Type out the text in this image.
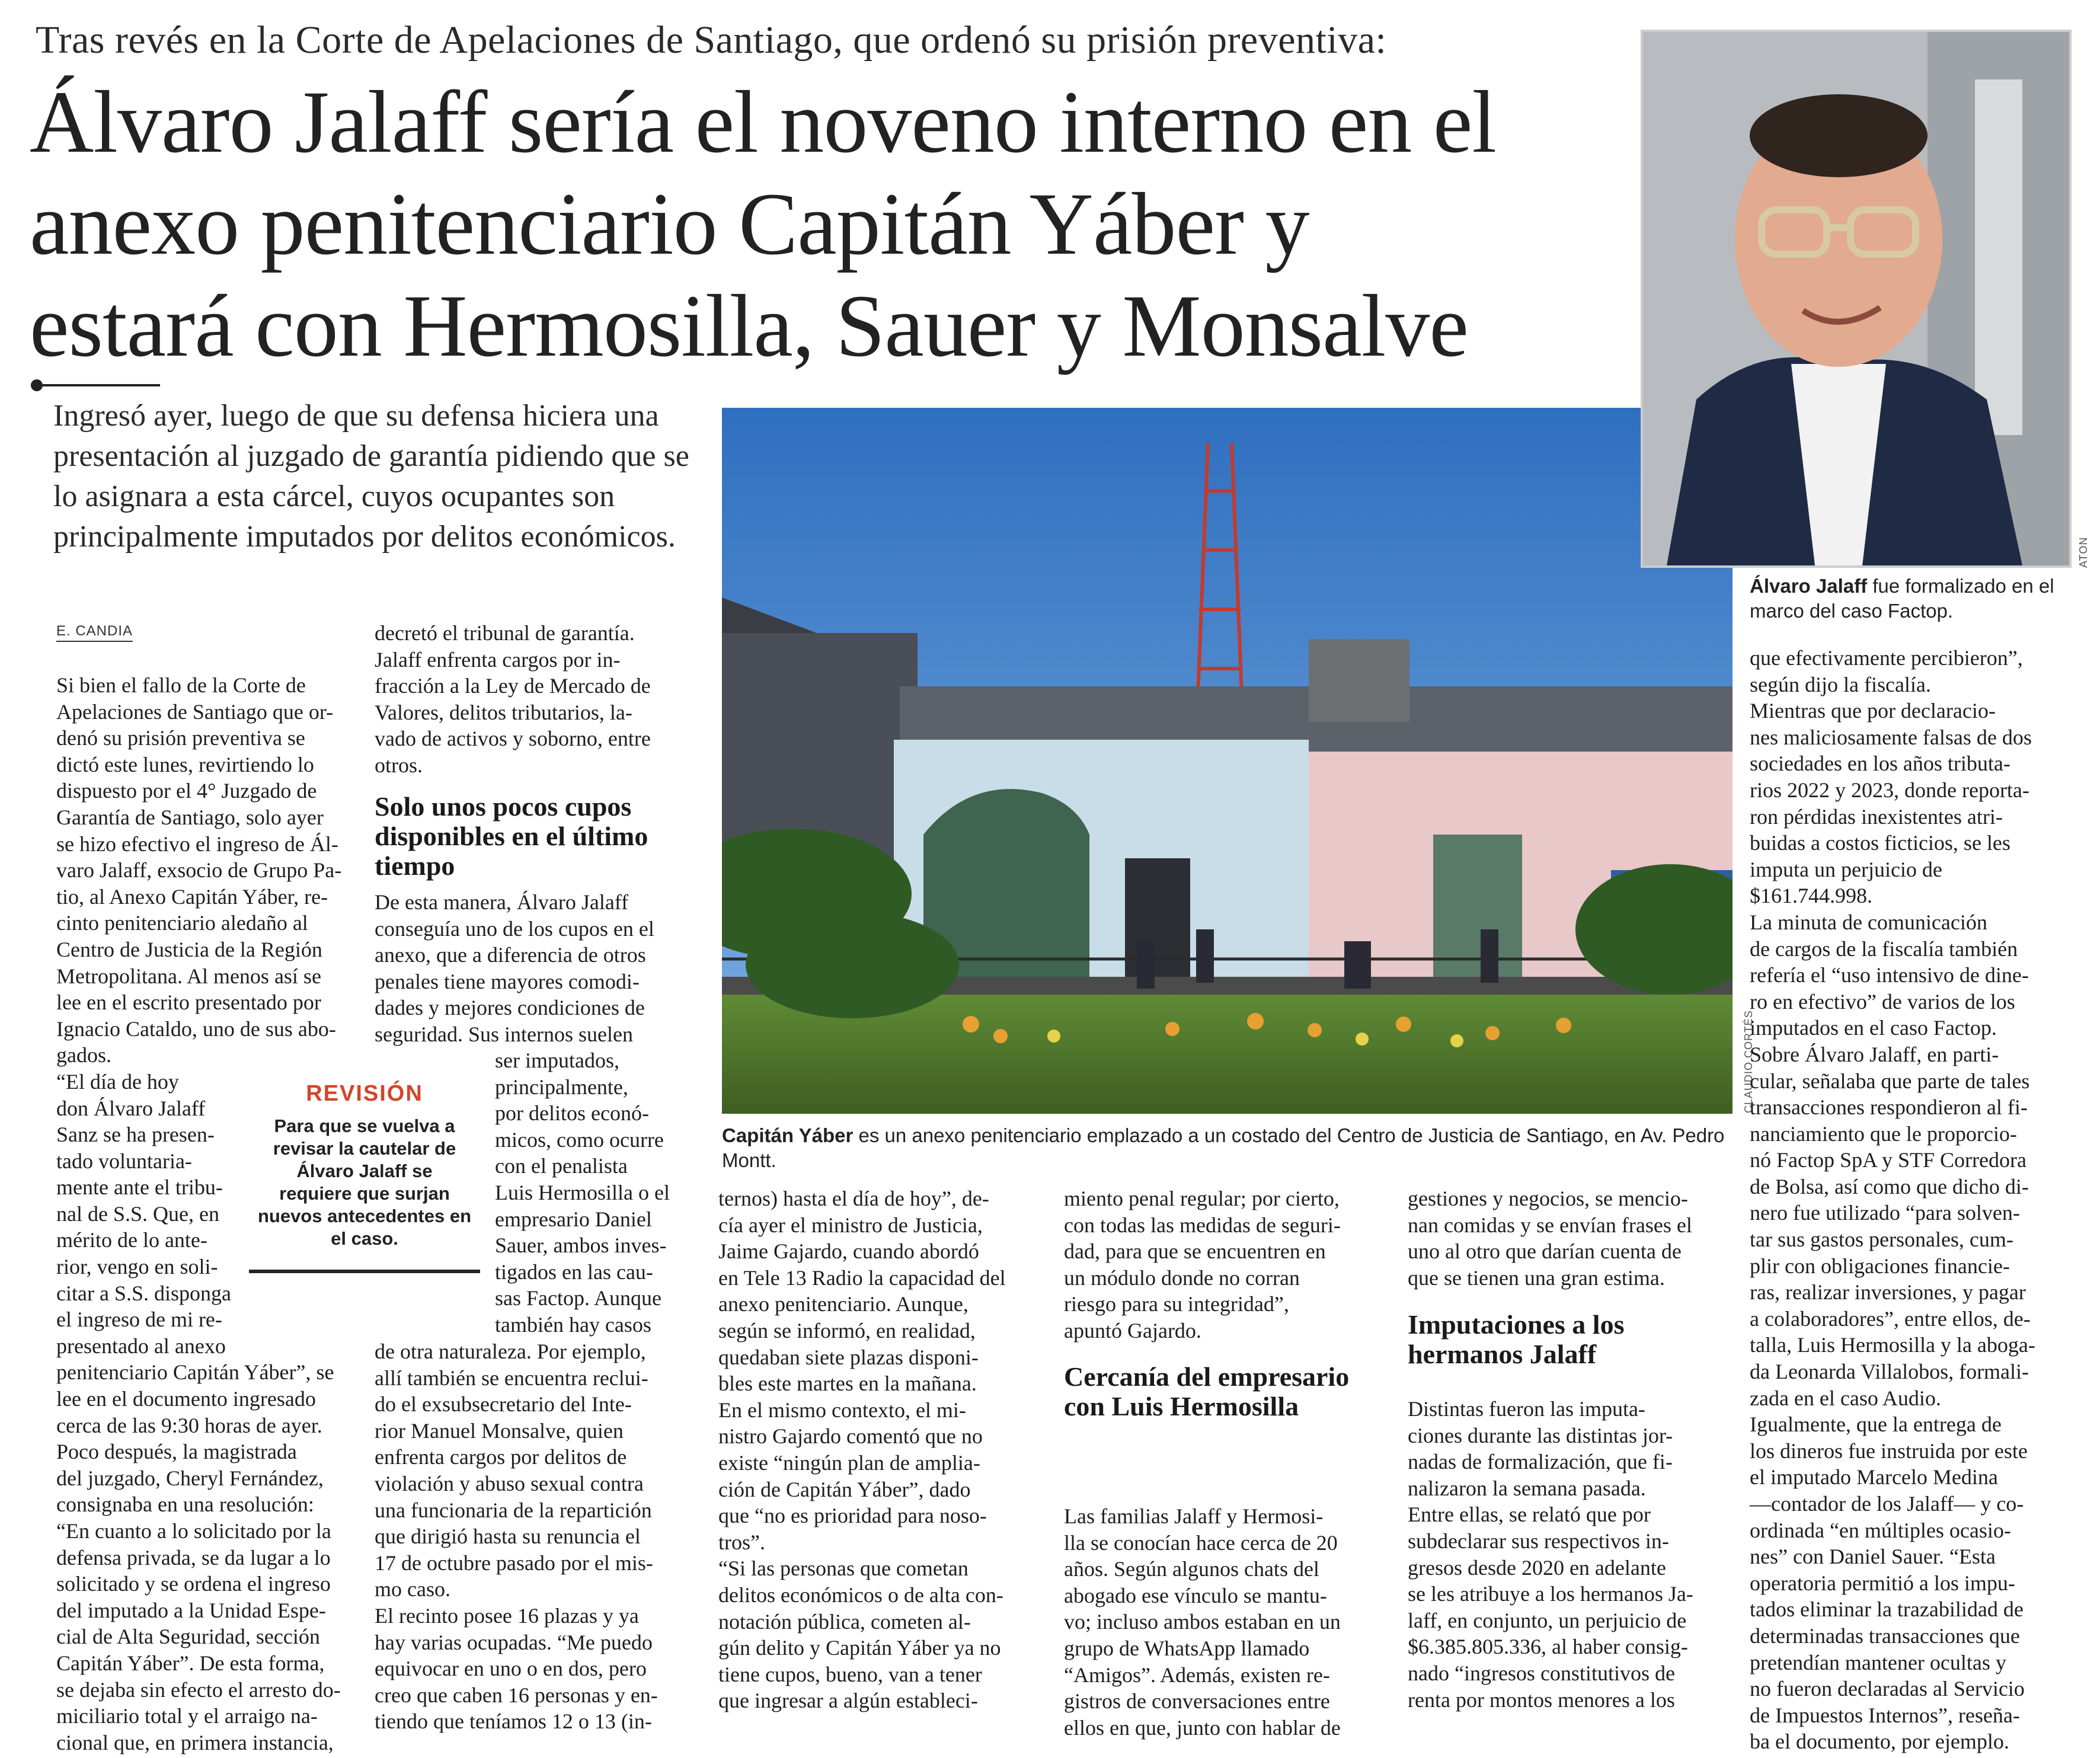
Tras revés en la Corte de Apelaciones de Santiago, que ordenó su prisión preventiva:
Álvaro Jalaff sería el noveno interno en el
anexo penitenciario Capitán Yáber y
estará con Hermosilla, Sauer y Monsalve
Ingresó ayer, luego de que su defensa hiciera una presentación al juzgado de garantía pidiendo que se lo asignara a esta cárcel, cuyos ocupantes son principalmente imputados por delitos económicos.
E. CANDIA
Si bien el fallo de la Corte de
Apelaciones de Santiago que or-
denó su prisión preventiva se
dictó este lunes, revirtiendo lo
dispuesto por el 4° Juzgado de
Garantía de Santiago, solo ayer
se hizo efectivo el ingreso de Ál-
varo Jalaff, exsocio de Grupo Pa-
tio, al Anexo Capitán Yáber, re-
cinto penitenciario aledaño al
Centro de Justicia de la Región
Metropolitana. Al menos así se
lee en el escrito presentado por
Ignacio Cataldo, uno de sus abo-
gados.
“El día de hoy
don Álvaro Jalaff
Sanz se ha presen-
tado voluntaria-
mente ante el tribu-
nal de S.S. Que, en
mérito de lo ante-
rior, vengo en soli-
citar a S.S. disponga
el ingreso de mi re-
presentado al anexo
penitenciario Capitán Yáber”, se
lee en el documento ingresado
cerca de las 9:30 horas de ayer.
Poco después, la magistrada
del juzgado, Cheryl Fernández,
consignaba en una resolución:
“En cuanto a lo solicitado por la
defensa privada, se da lugar a lo
solicitado y se ordena el ingreso
del imputado a la Unidad Espe-
cial de Alta Seguridad, sección
Capitán Yáber”. De esta forma,
se dejaba sin efecto el arresto do-
miciliario total y el arraigo na-
cional que, en primera instancia,
REVISIÓN
Para que se vuelva a
revisar la cautelar de
Álvaro Jalaff se
requiere que surjan
nuevos antecedentes en
el caso.
decretó el tribunal de garantía.
Jalaff enfrenta cargos por in-
fracción a la Ley de Mercado de
Valores, delitos tributarios, la-
vado de activos y soborno, entre
otros.
Solo unos pocos cupos disponibles en el último tiempo
De esta manera, Álvaro Jalaff
conseguía uno de los cupos en el
anexo, que a diferencia de otros
penales tiene mayores comodi-
dades y mejores condiciones de
seguridad. Sus internos suelen
ser imputados,
principalmente,
por delitos econó-
micos, como ocurre
con el penalista
Luis Hermosilla o el
empresario Daniel
Sauer, ambos inves-
tigados en las cau-
sas Factop. Aunque
también hay casos
de otra naturaleza. Por ejemplo,
allí también se encuentra reclui-
do el exsubsecretario del Inte-
rior Manuel Monsalve, quien
enfrenta cargos por delitos de
violación y abuso sexual contra
una funcionaria de la repartición
que dirigió hasta su renuncia el
17 de octubre pasado por el mis-
mo caso.
El recinto posee 16 plazas y ya
hay varias ocupadas. “Me puedo
equivocar en uno o en dos, pero
creo que caben 16 personas y en-
tiendo que teníamos 12 o 13 (in-
CLAUDIO CORTÉS
Capitán Yáber es un anexo penitenciario emplazado a un costado del Centro de Justicia de Santiago, en Av. Pedro Montt.
ternos) hasta el día de hoy”, de-
cía ayer el ministro de Justicia,
Jaime Gajardo, cuando abordó
en Tele 13 Radio la capacidad del
anexo penitenciario. Aunque,
según se informó, en realidad,
quedaban siete plazas disponi-
bles este martes en la mañana.
En el mismo contexto, el mi-
nistro Gajardo comentó que no
existe “ningún plan de amplia-
ción de Capitán Yáber”, dado
que “no es prioridad para noso-
tros”.
“Si las personas que cometan
delitos económicos o de alta con-
notación pública, cometen al-
gún delito y Capitán Yáber ya no
tiene cupos, bueno, van a tener
que ingresar a algún estableci-
miento penal regular; por cierto,
con todas las medidas de seguri-
dad, para que se encuentren en
un módulo donde no corran
riesgo para su integridad”,
apuntó Gajardo.
Cercanía del empresario con Luis Hermosilla
Las familias Jalaff y Hermosi-
lla se conocían hace cerca de 20
años. Según algunos chats del
abogado ese vínculo se mantu-
vo; incluso ambos estaban en un
grupo de WhatsApp llamado
“Amigos”. Además, existen re-
gistros de conversaciones entre
ellos en que, junto con hablar de
gestiones y negocios, se mencio-
nan comidas y se envían frases el
uno al otro que darían cuenta de
que se tienen una gran estima.
Imputaciones a los hermanos Jalaff
Distintas fueron las imputa-
ciones durante las distintas jor-
nadas de formalización, que fi-
nalizaron la semana pasada.
Entre ellas, se relató que por
subdeclarar sus respectivos in-
gresos desde 2020 en adelante
se les atribuye a los hermanos Ja-
laff, en conjunto, un perjuicio de
$6.385.805.336, al haber consig-
nado “ingresos constitutivos de
renta por montos menores a los
ATON
Álvaro Jalaff fue formalizado en el marco del caso Factop.
que efectivamente percibieron”,
según dijo la fiscalía.
Mientras que por declaracio-
nes maliciosamente falsas de dos
sociedades en los años tributa-
rios 2022 y 2023, donde reporta-
ron pérdidas inexistentes atri-
buidas a costos ficticios, se les
imputa un perjuicio de
$161.744.998.
La minuta de comunicación
de cargos de la fiscalía también
refería el “uso intensivo de dine-
ro en efectivo” de varios de los
imputados en el caso Factop.
Sobre Álvaro Jalaff, en parti-
cular, señalaba que parte de tales
transacciones respondieron al fi-
nanciamiento que le proporcio-
nó Factop SpA y STF Corredora
de Bolsa, así como que dicho di-
nero fue utilizado “para solven-
tar sus gastos personales, cum-
plir con obligaciones financie-
ras, realizar inversiones, y pagar
a colaboradores”, entre ellos, de-
talla, Luis Hermosilla y la aboga-
da Leonarda Villalobos, formali-
zada en el caso Audio.
Igualmente, que la entrega de
los dineros fue instruida por este
el imputado Marcelo Medina
—contador de los Jalaff— y co-
ordinada “en múltiples ocasio-
nes” con Daniel Sauer. “Esta
operatoria permitió a los impu-
tados eliminar la trazabilidad de
determinadas transacciones que
pretendían mantener ocultas y
no fueron declaradas al Servicio
de Impuestos Internos”, reseña-
ba el documento, por ejemplo.
